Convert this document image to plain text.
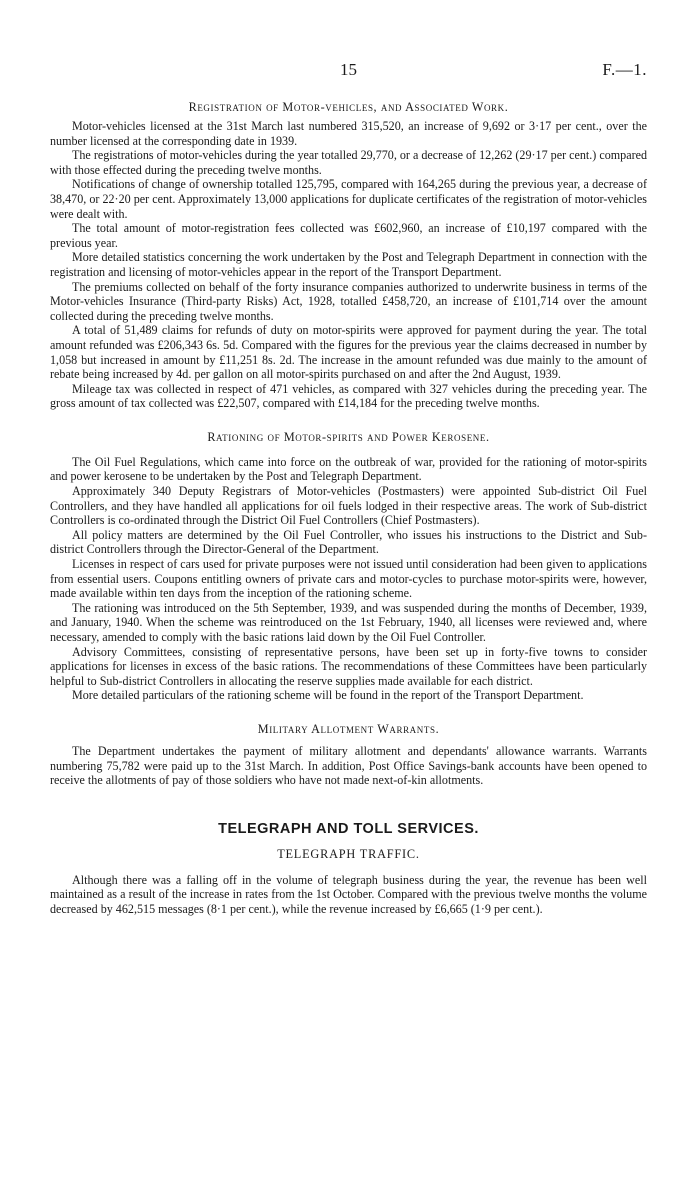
15	F.—1.
Registration of Motor-vehicles, and Associated Work.

Motor-vehicles licensed at the 31st March last numbered 315,520, an increase of 9,692 or 3·17 per cent., over the number licensed at the corresponding date in 1939.

The registrations of motor-vehicles during the year totalled 29,770, or a decrease of 12,262 (29·17 per cent.) compared with those effected during the preceding twelve months.

Notifications of change of ownership totalled 125,795, compared with 164,265 during the previous year, a decrease of 38,470, or 22·20 per cent. Approximately 13,000 applications for duplicate certificates of the registration of motor-vehicles were dealt with.

The total amount of motor-registration fees collected was £602,960, an increase of £10,197 compared with the previous year.

More detailed statistics concerning the work undertaken by the Post and Telegraph Department in connection with the registration and licensing of motor-vehicles appear in the report of the Transport Department.

The premiums collected on behalf of the forty insurance companies authorized to underwrite business in terms of the Motor-vehicles Insurance (Third-party Risks) Act, 1928, totalled £458,720, an increase of £101,714 over the amount collected during the preceding twelve months.

A total of 51,489 claims for refunds of duty on motor-spirits were approved for payment during the year. The total amount refunded was £206,343 6s. 5d. Compared with the figures for the previous year the claims decreased in number by 1,058 but increased in amount by £11,251 8s. 2d. The increase in the amount refunded was due mainly to the amount of rebate being increased by 4d. per gallon on all motor-spirits purchased on and after the 2nd August, 1939.

Mileage tax was collected in respect of 471 vehicles, as compared with 327 vehicles during the preceding year. The gross amount of tax collected was £22,507, compared with £14,184 for the preceding twelve months.

Rationing of Motor-spirits and Power Kerosene.

The Oil Fuel Regulations, which came into force on the outbreak of war, provided for the rationing of motor-spirits and power kerosene to be undertaken by the Post and Telegraph Department.

Approximately 340 Deputy Registrars of Motor-vehicles (Postmasters) were appointed Sub-district Oil Fuel Controllers, and they have handled all applications for oil fuels lodged in their respective areas. The work of Sub-district Controllers is co-ordinated through the District Oil Fuel Controllers (Chief Postmasters).

All policy matters are determined by the Oil Fuel Controller, who issues his instructions to the District and Sub-district Controllers through the Director-General of the Department.

Licenses in respect of cars used for private purposes were not issued until consideration had been given to applications from essential users. Coupons entitling owners of private cars and motor-cycles to purchase motor-spirits were, however, made available within ten days from the inception of the rationing scheme.

The rationing was introduced on the 5th September, 1939, and was suspended during the months of December, 1939, and January, 1940. When the scheme was reintroduced on the 1st February, 1940, all licenses were reviewed and, where necessary, amended to comply with the basic rations laid down by the Oil Fuel Controller.

Advisory Committees, consisting of representative persons, have been set up in forty-five towns to consider applications for licenses in excess of the basic rations. The recommendations of these Committees have been particularly helpful to Sub-district Controllers in allocating the reserve supplies made available for each district.

More detailed particulars of the rationing scheme will be found in the report of the Transport Department.

Military Allotment Warrants.

The Department undertakes the payment of military allotment and dependants' allowance warrants. Warrants numbering 75,782 were paid up to the 31st March. In addition, Post Office Savings-bank accounts have been opened to receive the allotments of pay of those soldiers who have not made next-of-kin allotments.

TELEGRAPH AND TOLL SERVICES.
TELEGRAPH TRAFFIC.

Although there was a falling off in the volume of telegraph business during the year, the revenue has been well maintained as a result of the increase in rates from the 1st October. Compared with the previous twelve months the volume decreased by 462,515 messages (8·1 per cent.), while the revenue increased by £6,665 (1·9 per cent.).
